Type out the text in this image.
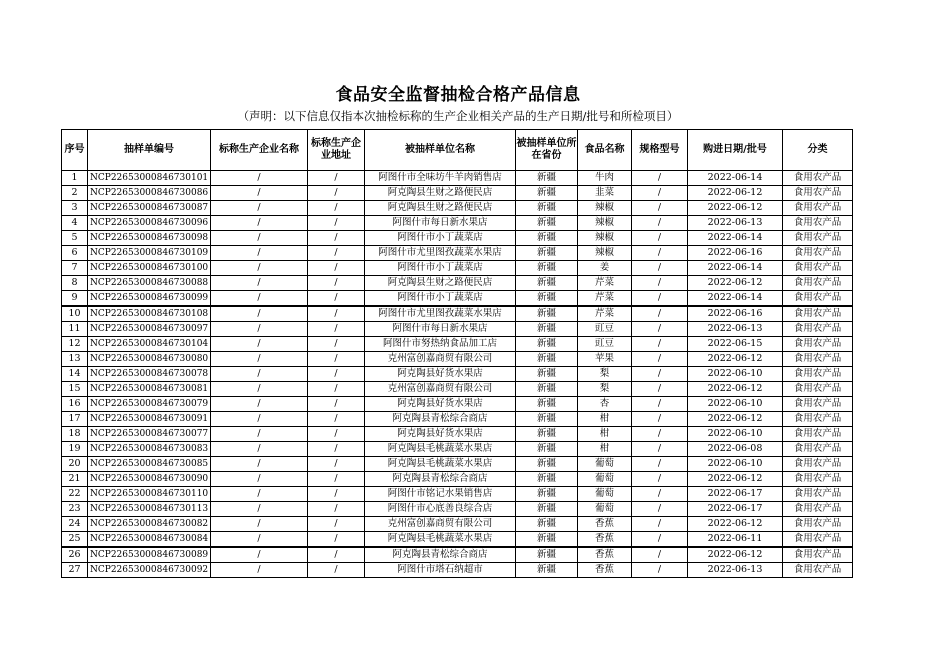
食品安全监督抽检合格产品信息
（声明：以下信息仅指本次抽检标称的生产企业相关产品的生产日期/批号和所检项目）
序号	抽样单编号	标称生产企业名称	标称生产企业地址	被抽样单位名称	被抽样单位所在省份	食品名称	规格型号	购进日期/批号	分类
1	NCP22653000846730101	/	/	阿图什市全味坊牛羊肉销售店	新疆	牛肉	/	2022-06-14	食用农产品
2	NCP22653000846730086	/	/	阿克陶县生财之路便民店	新疆	韭菜	/	2022-06-12	食用农产品
3	NCP22653000846730087	/	/	阿克陶县生财之路便民店	新疆	辣椒	/	2022-06-12	食用农产品
4	NCP22653000846730096	/	/	阿图什市每日新水果店	新疆	辣椒	/	2022-06-13	食用农产品
5	NCP22653000846730098	/	/	阿图什市小丁蔬菜店	新疆	辣椒	/	2022-06-14	食用农产品
6	NCP22653000846730109	/	/	阿图什市尤里图孜蔬菜水果店	新疆	辣椒	/	2022-06-16	食用农产品
7	NCP22653000846730100	/	/	阿图什市小丁蔬菜店	新疆	姜	/	2022-06-14	食用农产品
8	NCP22653000846730088	/	/	阿克陶县生财之路便民店	新疆	芹菜	/	2022-06-12	食用农产品
9	NCP22653000846730099	/	/	阿图什市小丁蔬菜店	新疆	芹菜	/	2022-06-14	食用农产品
10	NCP22653000846730108	/	/	阿图什市尤里图孜蔬菜水果店	新疆	芹菜	/	2022-06-16	食用农产品
11	NCP22653000846730097	/	/	阿图什市每日新水果店	新疆	豇豆	/	2022-06-13	食用农产品
12	NCP22653000846730104	/	/	阿图什市努热纳食品加工店	新疆	豇豆	/	2022-06-15	食用农产品
13	NCP22653000846730080	/	/	克州富创嘉商贸有限公司	新疆	苹果	/	2022-06-12	食用农产品
14	NCP22653000846730078	/	/	阿克陶县好货水果店	新疆	梨	/	2022-06-10	食用农产品
15	NCP22653000846730081	/	/	克州富创嘉商贸有限公司	新疆	梨	/	2022-06-12	食用农产品
16	NCP22653000846730079	/	/	阿克陶县好货水果店	新疆	杏	/	2022-06-10	食用农产品
17	NCP22653000846730091	/	/	阿克陶县青松综合商店	新疆	柑	/	2022-06-12	食用农产品
18	NCP22653000846730077	/	/	阿克陶县好货水果店	新疆	柑	/	2022-06-10	食用农产品
19	NCP22653000846730083	/	/	阿克陶县毛桃蔬菜水果店	新疆	柑	/	2022-06-08	食用农产品
20	NCP22653000846730085	/	/	阿克陶县毛桃蔬菜水果店	新疆	葡萄	/	2022-06-10	食用农产品
21	NCP22653000846730090	/	/	阿克陶县青松综合商店	新疆	葡萄	/	2022-06-12	食用农产品
22	NCP22653000846730110	/	/	阿图什市铭记水果销售店	新疆	葡萄	/	2022-06-17	食用农产品
23	NCP22653000846730113	/	/	阿图什市心底善良综合店	新疆	葡萄	/	2022-06-17	食用农产品
24	NCP22653000846730082	/	/	克州富创嘉商贸有限公司	新疆	香蕉	/	2022-06-12	食用农产品
25	NCP22653000846730084	/	/	阿克陶县毛桃蔬菜水果店	新疆	香蕉	/	2022-06-11	食用农产品
26	NCP22653000846730089	/	/	阿克陶县青松综合商店	新疆	香蕉	/	2022-06-12	食用农产品
27	NCP22653000846730092	/	/	阿图什市塔石纳超市	新疆	香蕉	/	2022-06-13	食用农产品
